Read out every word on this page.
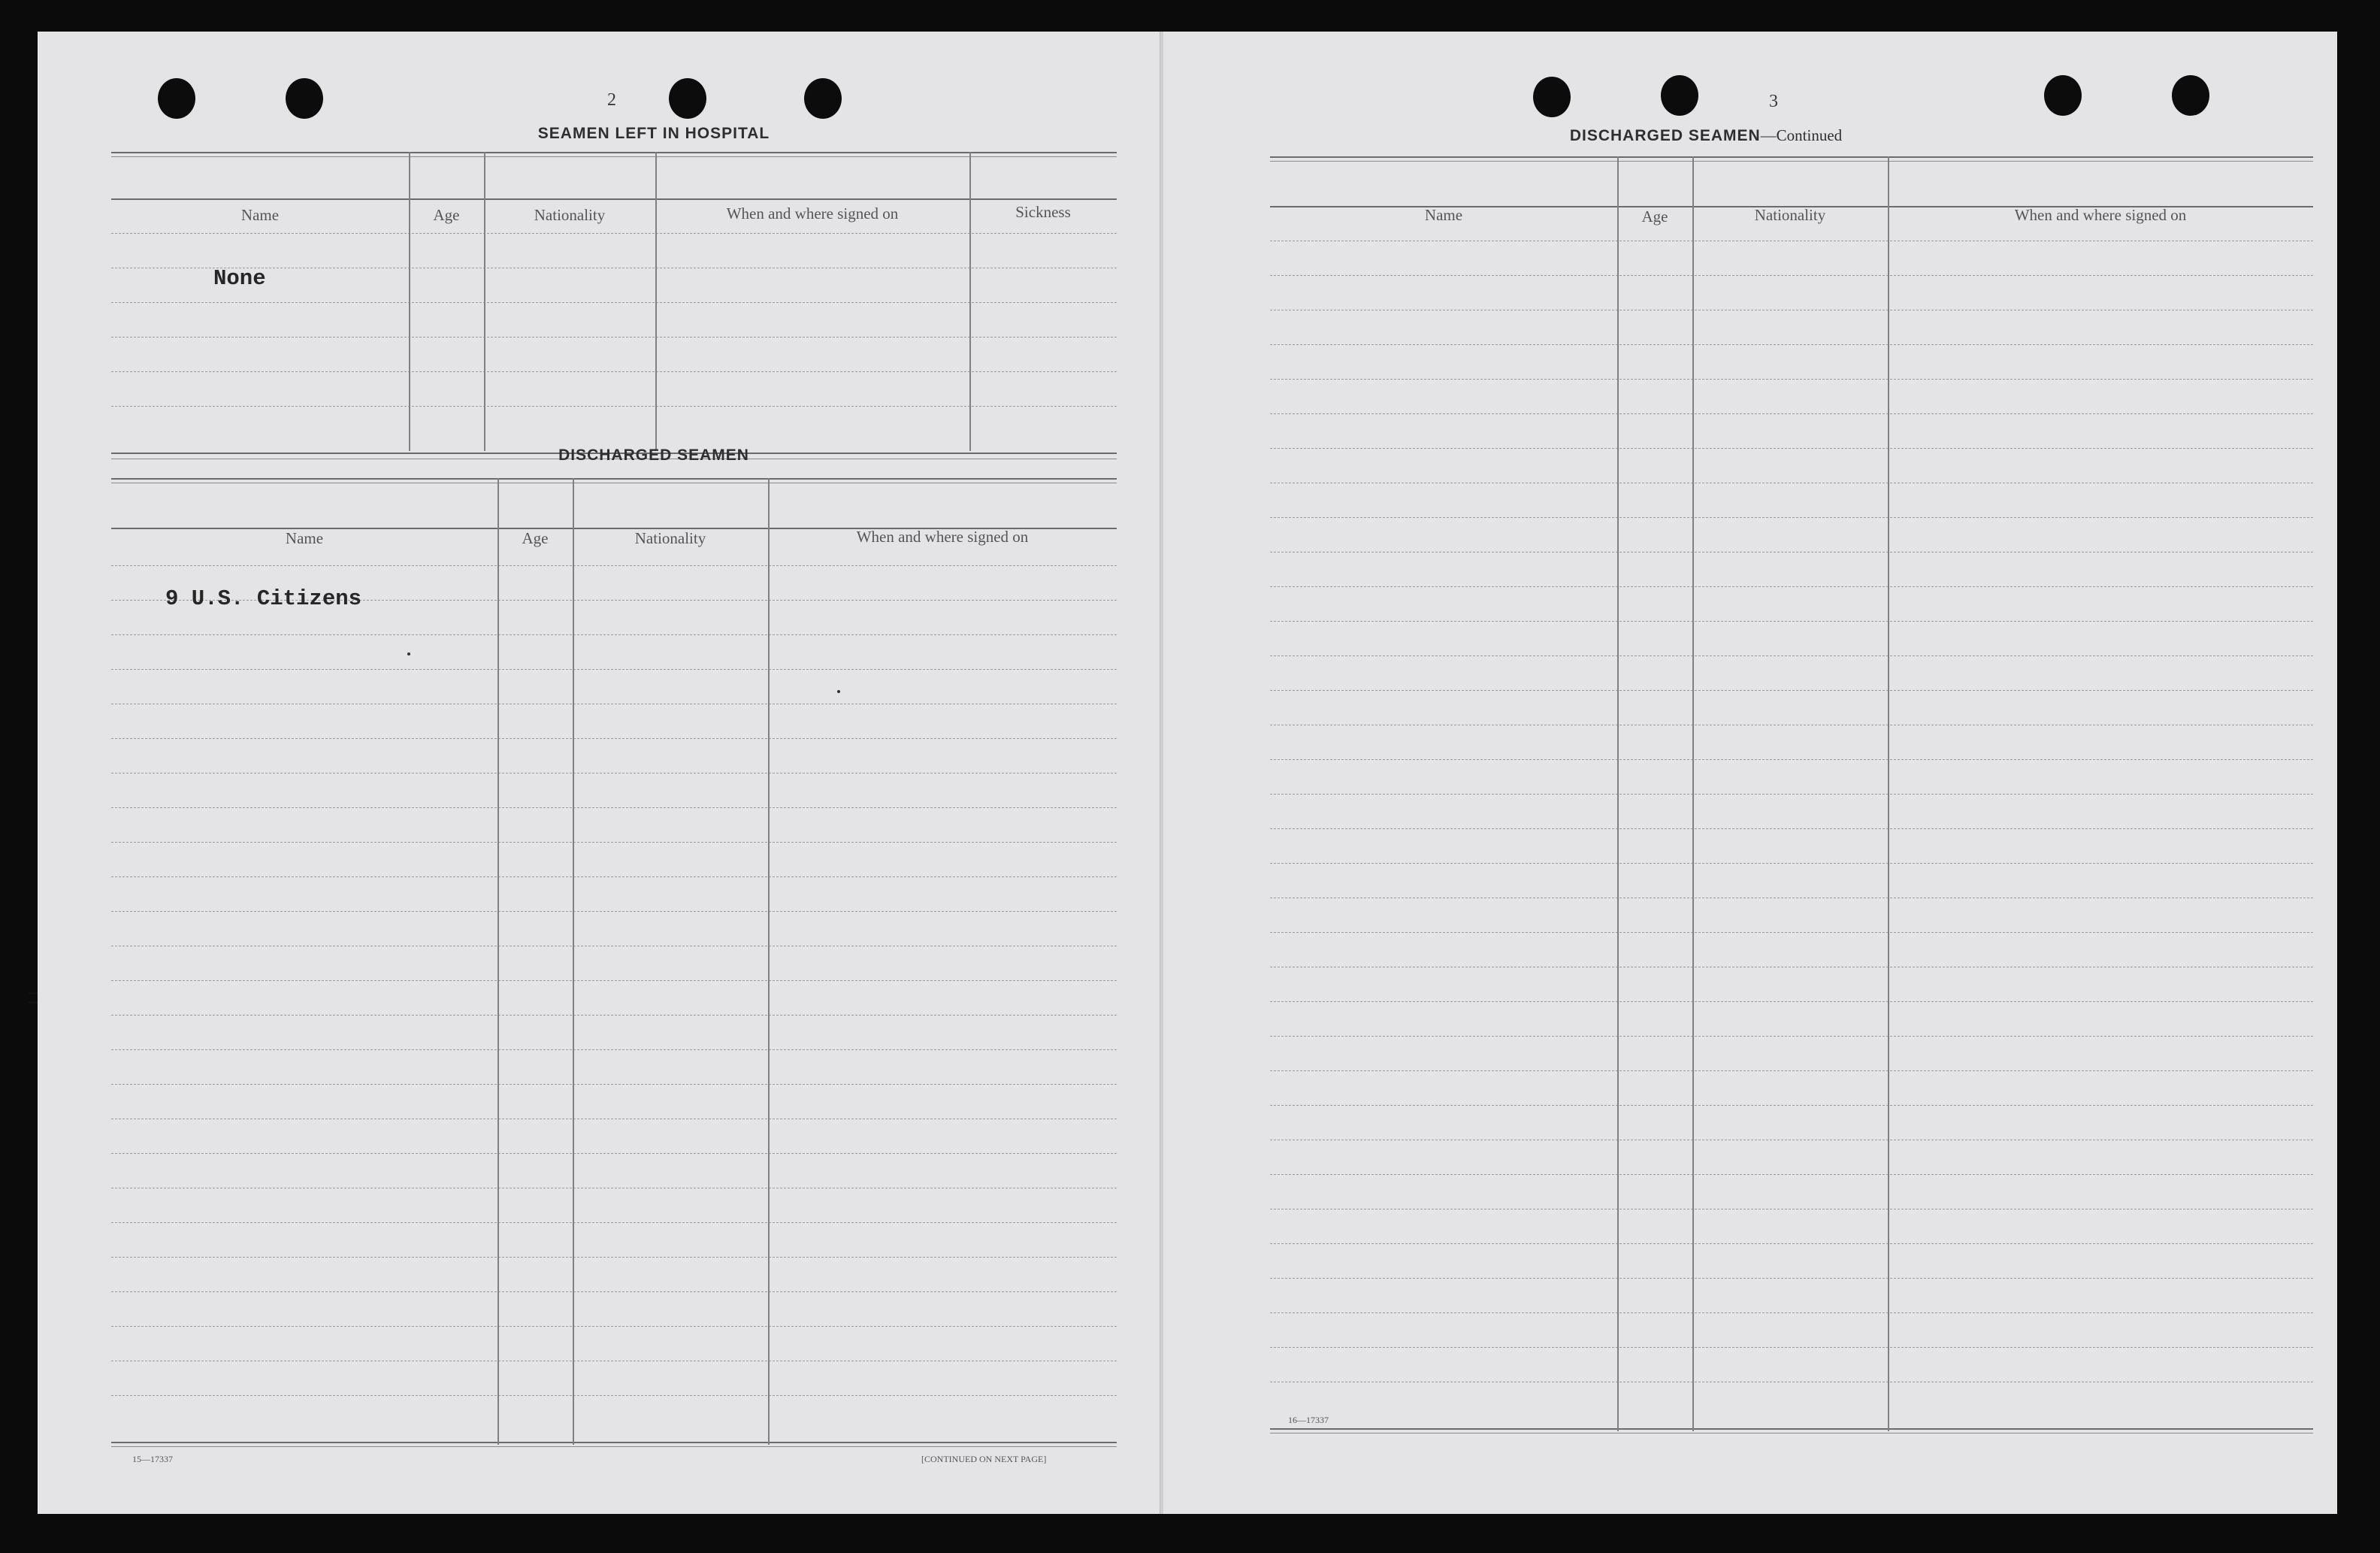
2
SEAMEN LEFT IN HOSPITAL
Name	Age	Nationality	When and where signed on	Sickness
None
DISCHARGED SEAMEN
Name	Age	Nationality	When and where signed on
9 U.S. Citizens
15—17337	[CONTINUED ON NEXT PAGE]
3
DISCHARGED SEAMEN—Continued
Name	Age	Nationality	When and where signed on
16—17337
